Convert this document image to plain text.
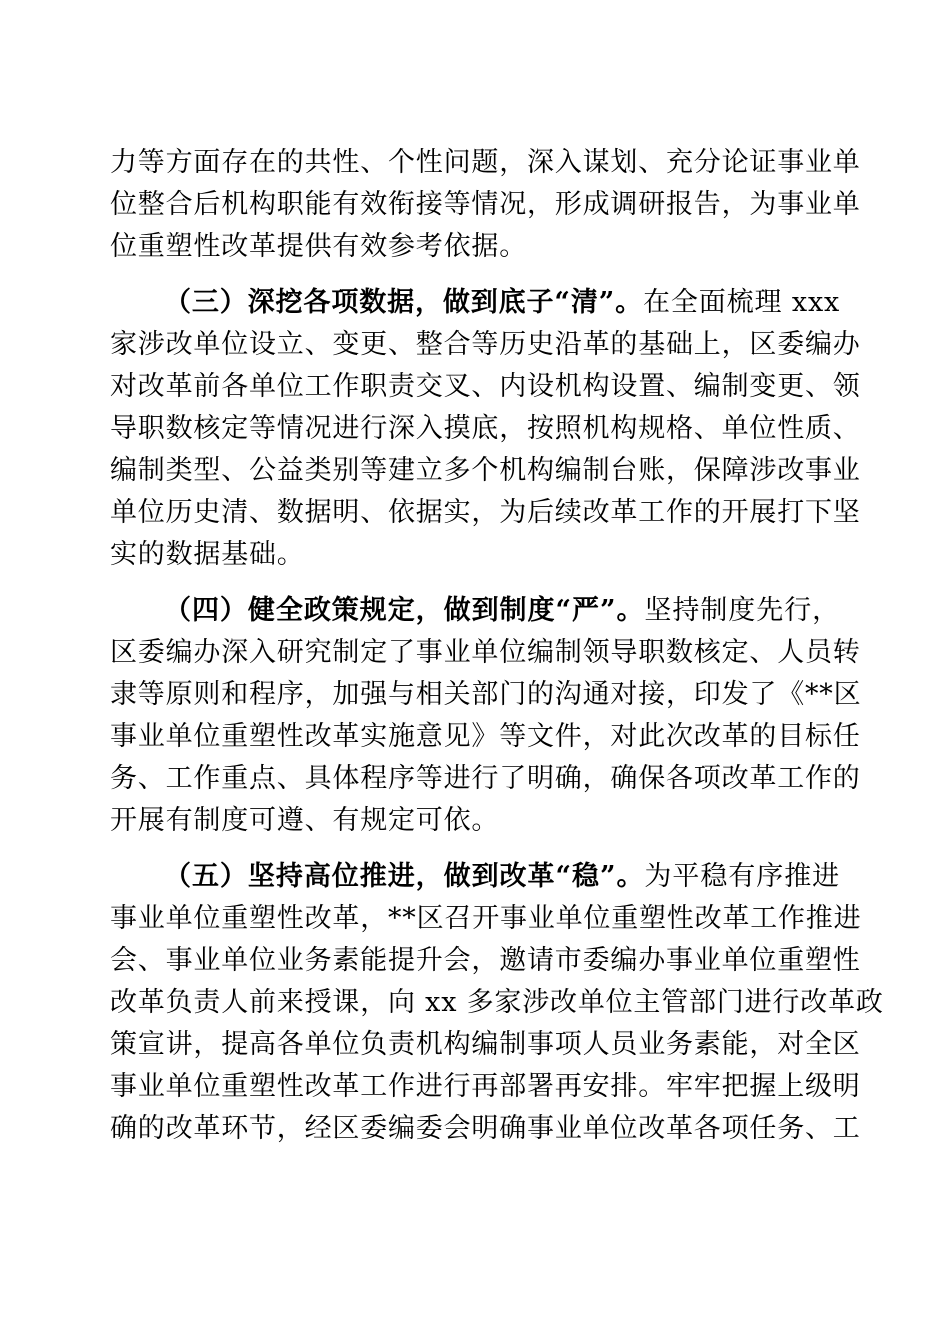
力等方面存在的共性、个性问题，深入谋划、充分论证事业单
位整合后机构职能有效衔接等情况，形成调研报告，为事业单
位重塑性改革提供有效参考依据。
（三）深挖各项数据，做到底子“清”。在全面梳理 xxx
家涉改单位设立、变更、整合等历史沿革的基础上，区委编办
对改革前各单位工作职责交叉、内设机构设置、编制变更、领
导职数核定等情况进行深入摸底，按照机构规格、单位性质、
编制类型、公益类别等建立多个机构编制台账，保障涉改事业
单位历史清、数据明、依据实，为后续改革工作的开展打下坚
实的数据基础。
（四）健全政策规定，做到制度“严”。坚持制度先行，
区委编办深入研究制定了事业单位编制领导职数核定、人员转
隶等原则和程序，加强与相关部门的沟通对接，印发了《**区
事业单位重塑性改革实施意见》等文件，对此次改革的目标任
务、工作重点、具体程序等进行了明确，确保各项改革工作的
开展有制度可遵、有规定可依。
（五）坚持高位推进，做到改革“稳”。为平稳有序推进
事业单位重塑性改革，**区召开事业单位重塑性改革工作推进
会、事业单位业务素能提升会，邀请市委编办事业单位重塑性
改革负责人前来授课，向 xx 多家涉改单位主管部门进行改革政
策宣讲，提高各单位负责机构编制事项人员业务素能，对全区
事业单位重塑性改革工作进行再部署再安排。牢牢把握上级明
确的改革环节，经区委编委会明确事业单位改革各项任务、工
